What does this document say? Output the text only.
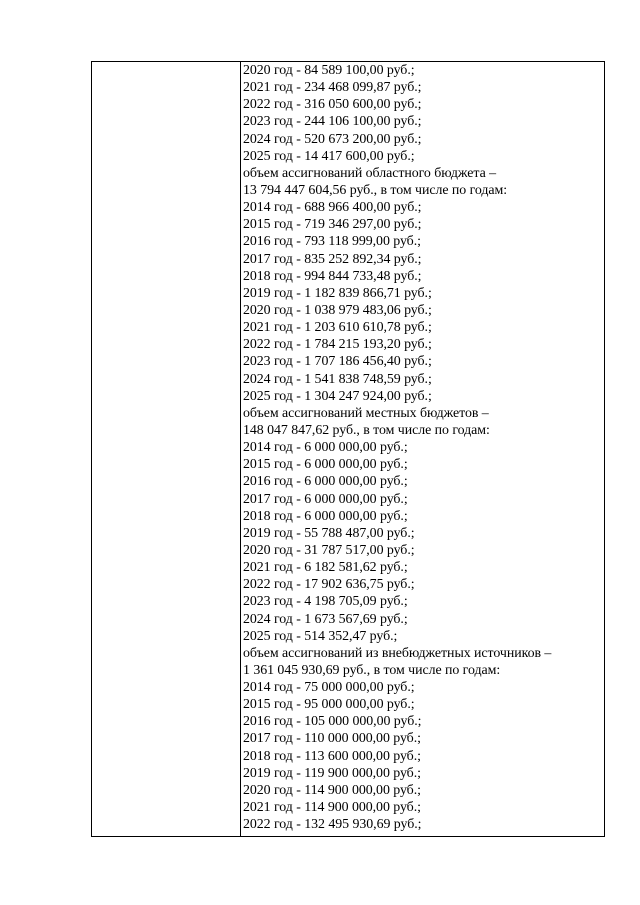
2020 год - 84 589 100,00 руб.;
2021 год - 234 468 099,87 руб.;
2022 год - 316 050 600,00 руб.;
2023 год - 244 106 100,00 руб.;
2024 год - 520 673 200,00 руб.;
2025 год - 14 417 600,00 руб.;
объем ассигнований областного бюджета –
13 794 447 604,56 руб., в том числе по годам:
2014 год - 688 966 400,00 руб.;
2015 год - 719 346 297,00 руб.;
2016 год - 793 118 999,00 руб.;
2017 год - 835 252 892,34 руб.;
2018 год - 994 844 733,48 руб.;
2019 год - 1 182 839 866,71 руб.;
2020 год - 1 038 979 483,06 руб.;
2021 год - 1 203 610 610,78 руб.;
2022 год - 1 784 215 193,20 руб.;
2023 год - 1 707 186 456,40 руб.;
2024 год - 1 541 838 748,59 руб.;
2025 год - 1 304 247 924,00 руб.;
объем ассигнований местных бюджетов –
148 047 847,62 руб., в том числе по годам:
2014 год - 6 000 000,00 руб.;
2015 год - 6 000 000,00 руб.;
2016 год - 6 000 000,00 руб.;
2017 год - 6 000 000,00 руб.;
2018 год - 6 000 000,00 руб.;
2019 год - 55 788 487,00 руб.;
2020 год - 31 787 517,00 руб.;
2021 год - 6 182 581,62 руб.;
2022 год - 17 902 636,75 руб.;
2023 год - 4 198 705,09 руб.;
2024 год - 1 673 567,69 руб.;
2025 год - 514 352,47 руб.;
объем ассигнований из внебюджетных источников –
1 361 045 930,69 руб., в том числе по годам:
2014 год - 75 000 000,00 руб.;
2015 год - 95 000 000,00 руб.;
2016 год - 105 000 000,00 руб.;
2017 год - 110 000 000,00 руб.;
2018 год - 113 600 000,00 руб.;
2019 год - 119 900 000,00 руб.;
2020 год - 114 900 000,00 руб.;
2021 год - 114 900 000,00 руб.;
2022 год - 132 495 930,69 руб.;
